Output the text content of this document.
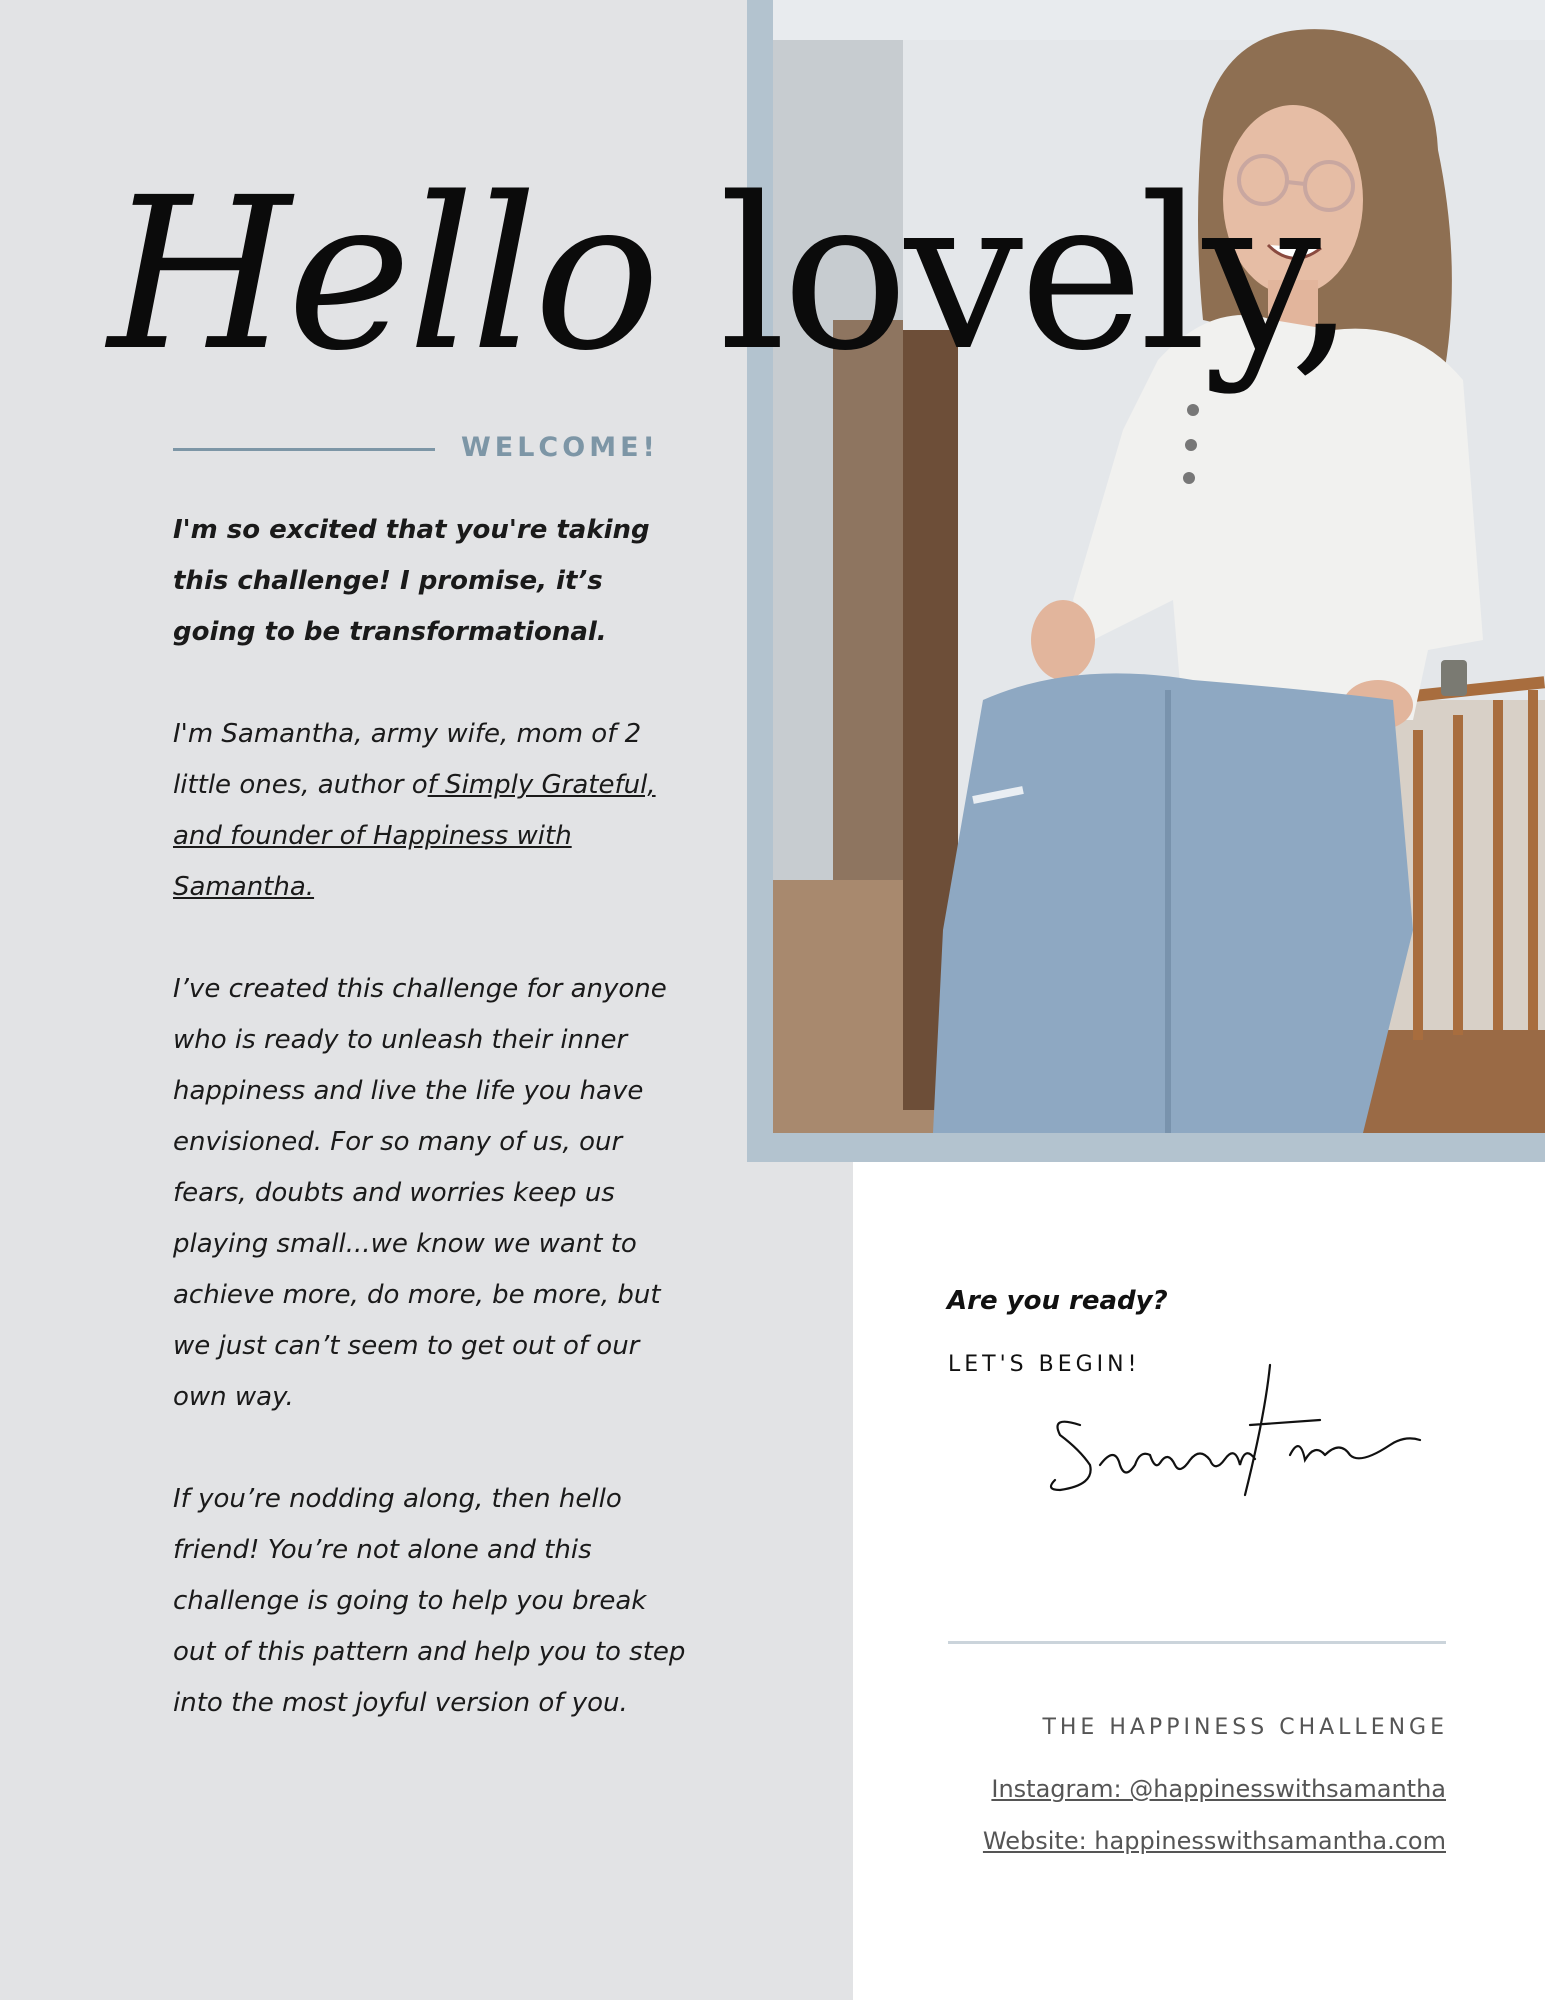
Hello lovely,
WELCOME!

I'm so excited that you're taking this challenge! I promise, it’s going to be transformational.

I'm Samantha, army wife, mom of 2 little ones, author of Simply Grateful, and founder of Happiness with Samantha.

I’ve created this challenge for anyone who is ready to unleash their inner happiness and live the life you have envisioned. For so many of us, our fears, doubts and worries keep us playing small...we know we want to achieve more, do more, be more, but we just can’t seem to get out of our own way.

If you’re nodding along, then hello friend! You’re not alone and this challenge is going to help you break out of this pattern and help you to step into the most joyful version of you.

Are you ready?
LET'S BEGIN!
THE HAPPINESS CHALLENGE
Instagram: @happinesswithsamantha
Website: happinesswithsamantha.com
